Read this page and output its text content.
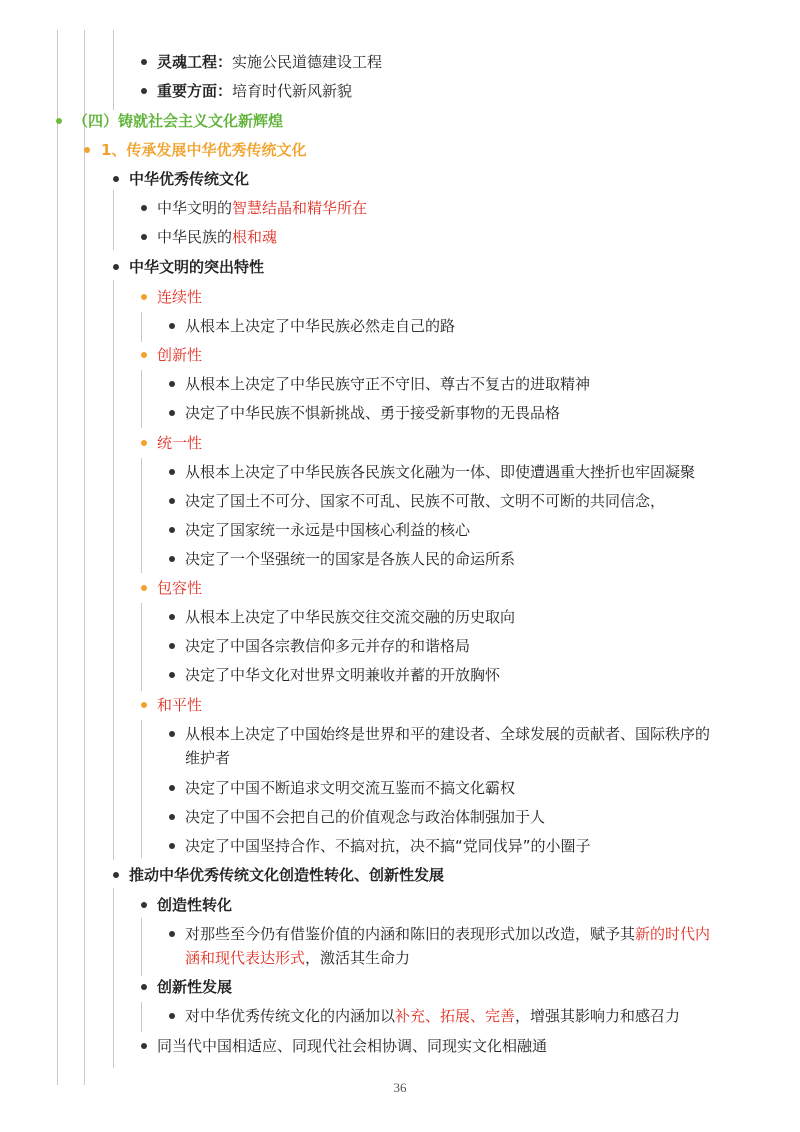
灵魂工程：实施公民道德建设工程
重要方面：培育时代新风新貌
（四）铸就社会主义文化新辉煌
1、传承发展中华优秀传统文化
中华优秀传统文化
中华文明的智慧结晶和精华所在
中华民族的根和魂
中华文明的突出特性
连续性
从根本上决定了中华民族必然走自己的路
创新性
从根本上决定了中华民族守正不守旧、尊古不复古的进取精神
决定了中华民族不惧新挑战、勇于接受新事物的无畏品格
统一性
从根本上决定了中华民族各民族文化融为一体、即使遭遇重大挫折也牢固凝聚
决定了国土不可分、国家不可乱、民族不可散、文明不可断的共同信念，
决定了国家统一永远是中国核心利益的核心
决定了一个坚强统一的国家是各族人民的命运所系
包容性
从根本上决定了中华民族交往交流交融的历史取向
决定了中国各宗教信仰多元并存的和谐格局
决定了中华文化对世界文明兼收并蓄的开放胸怀
和平性
从根本上决定了中国始终是世界和平的建设者、全球发展的贡献者、国际秩序的
维护者
决定了中国不断追求文明交流互鉴而不搞文化霸权
决定了中国不会把自己的价值观念与政治体制强加于人
决定了中国坚持合作、不搞对抗，决不搞“党同伐异”的小圈子
推动中华优秀传统文化创造性转化、创新性发展
创造性转化
对那些至今仍有借鉴价值的内涵和陈旧的表现形式加以改造，赋予其新的时代内
涵和现代表达形式，激活其生命力
创新性发展
对中华优秀传统文化的内涵加以补充、拓展、完善，增强其影响力和感召力
同当代中国相适应、同现代社会相协调、同现实文化相融通
36
